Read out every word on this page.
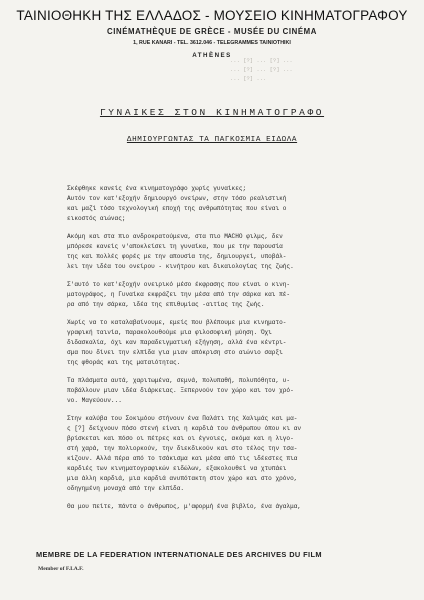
ΤΑΙΝΙΟΘΗΚΗ ΤΗΣ ΕΛΛΑΔΟΣ - ΜΟΥΣΕΙΟ ΚΙΝΗΜΑΤΟΓΡΑΦΟΥ
CINÉMATHÈQUE DE GRÈCE - MUSÉE DU CINÉMA
1, RUE KANARI - TEL. 3612.046 - TELEGRAMMES TAINIOTHIKI
ATHÈNES
... [?] ... [?] ...
... [?] ... [?] ...
... [?] ...
ΓΥΝΑΙΚΕΣ ΣΤΟΝ ΚΙΝΗΜΑΤΟΓΡΑΦΟ
ΔΗΜΙΟΥΡΓΩΝΤΑΣ ΤΑ ΠΑΓΚΟΣΜΙΑ ΕΙΔΩΛΑ

Σκέφθηκε κανείς ένα κινηματογράφο χωρίς γυναίκες;
Αυτόν τον κατ'εξοχήν δημιουργό ονείρων, στην τόσο ρεαλιστική
και μαζί τόσο τεχνολογική εποχή της ανθρωπότητας που είναι ο
εικοστός αιώνας;

Ακόμη και στα πιο ανδροκρατούμενα, στα πιο MACHO φιλμς, δεν
μπόρεσε κανείς ν'αποκλείσει τη γυναίκα, που με την παρουσία
της και πολλές φορές με την απουσία της, δημιουργεί, υποβάλ-
λει την ιδέα του ονείρου - κινήτρου και δικαιολογίας της ζωής.

Σ'αυτό το κατ'εξοχήν ονειρικό μέσο έκφρασης που είναι ο κινη-
ματογράφος, η Γυναίκα εκφράζει την μέσα από την σάρκα και πέ-
ρα από την σάρκα, ιδέα της επιθυμίας -αιτίας της ζωής.

Χωρίς να το καταλαβαίνουμε, εμείς που βλέπουμε μια κινηματο-
γραφική ταινία, παρακολουθούμε μια φιλοσοφική μύηση. Όχι
διδασκαλία, όχι καν παραδειγματική εξήγηση, αλλά ένα κέντρι-
σμα που δίνει την ελπίδα για μιαν απόκριση στο αιώνιο σαρξι
της φθοράς και της ματαιότητας.

Τα πλάσματα αυτά, χαριτωμένα, σεμνά, πολυπαθή, πολυπόθητα, υ-
ποβάλλουν μιαν ιδέα διάρκειας. Ξεπερνούν τον χώρο και τον χρό-
νο. Μαγεύουν...

Στην καλύβα του Σοκιμόου στήνουν ένα Παλάτι της Χαλιμάς και μα-
ς [?] δείχνουν πόσο στενή είναι η καρδιά του άνθρωπου όπου κι αν
βρίσκεται και πόσο οι πέτρες και οι έγνοιες, ακόμα και η λιγο-
στή χαρά, την πολιορκούν, την διεκδικούν και στο τέλος την τσα-
κίζουν. Αλλά πέρα από το τσάκισμα και μέσα από τις ιδέεστες πια
καρδιές των κινηματογραφικών ειδώλων, εξακολουθεί να χτυπάει
μια άλλη καρδιά, μια καρδιά ανυπότακτη στον χώρο και στο χρόνο,
οδηγημένη μοναχά από την ελπίδα.

Θα μου πείτε, πάντα ο άνθρωπος, μ'αφορμή ένα βιβλίο, ένα άγαλμα,

MEMBRE DE LA FEDERATION INTERNATIONALE DES ARCHIVES DU FILM
Member of F.I.A.F.
